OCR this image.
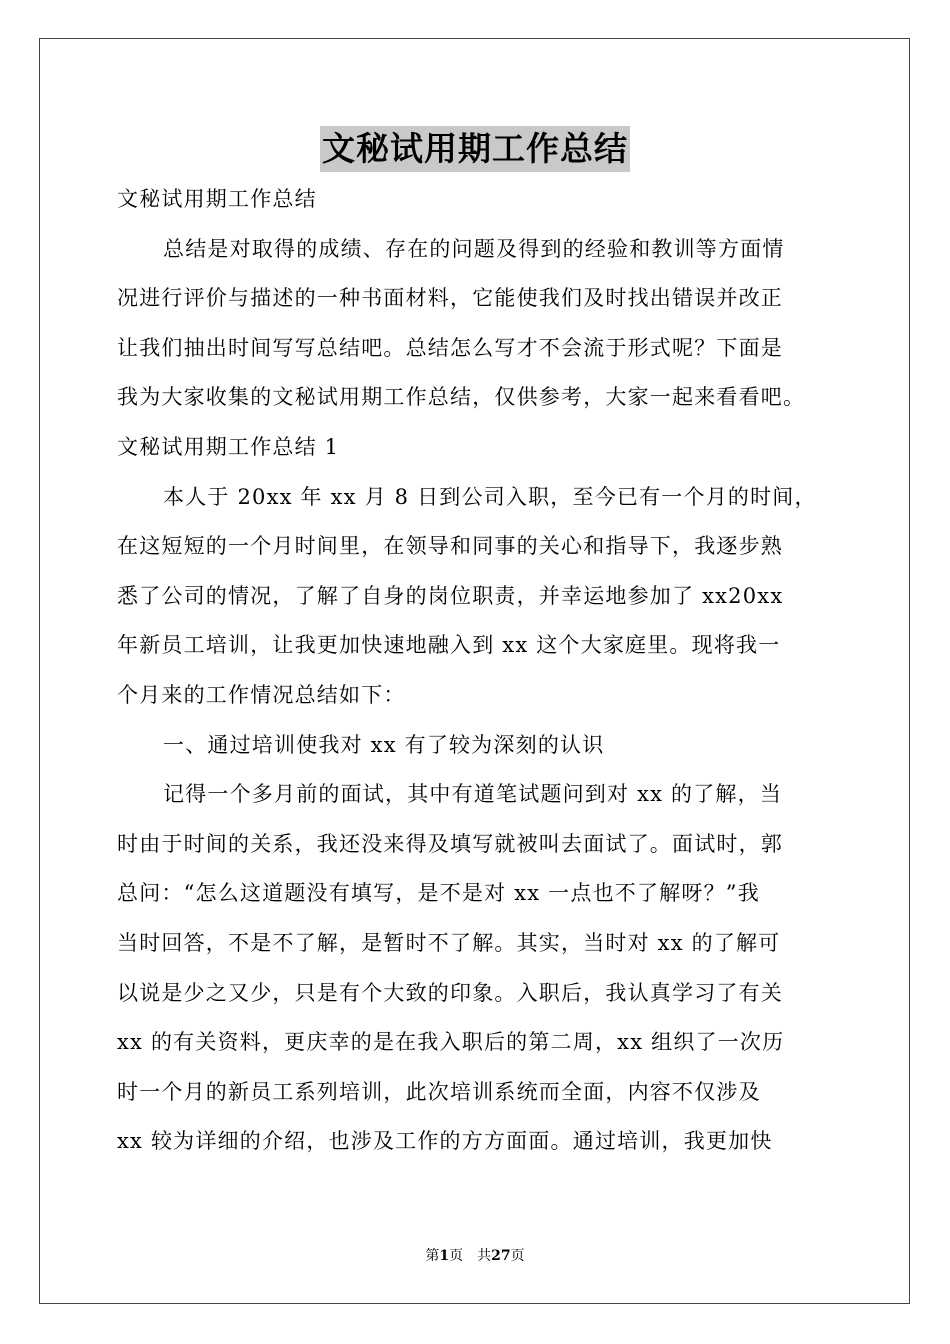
文秘试用期工作总结
文秘试用期工作总结
总结是对取得的成绩、存在的问题及得到的经验和教训等方面情
况进行评价与描述的一种书面材料，它能使我们及时找出错误并改正
让我们抽出时间写写总结吧。总结怎么写才不会流于形式呢？下面是
我为大家收集的文秘试用期工作总结，仅供参考，大家一起来看看吧。
文秘试用期工作总结 1
本人于 20xx 年 xx 月 8 日到公司入职，至今已有一个月的时间，
在这短短的一个月时间里，在领导和同事的关心和指导下，我逐步熟
悉了公司的情况，了解了自身的岗位职责，并幸运地参加了 xx20xx
年新员工培训，让我更加快速地融入到 xx 这个大家庭里。现将我一
个月来的工作情况总结如下：
一、通过培训使我对 xx 有了较为深刻的认识
记得一个多月前的面试，其中有道笔试题问到对 xx 的了解，当
时由于时间的关系，我还没来得及填写就被叫去面试了。面试时，郭
总问：“怎么这道题没有填写，是不是对 xx 一点也不了解呀？”我
当时回答，不是不了解，是暂时不了解。其实，当时对 xx 的了解可
以说是少之又少，只是有个大致的印象。入职后，我认真学习了有关
xx 的有关资料，更庆幸的是在我入职后的第二周，xx 组织了一次历
时一个月的新员工系列培训，此次培训系统而全面，内容不仅涉及
xx 较为详细的介绍，也涉及工作的方方面面。通过培训，我更加快
第1页　共27页
